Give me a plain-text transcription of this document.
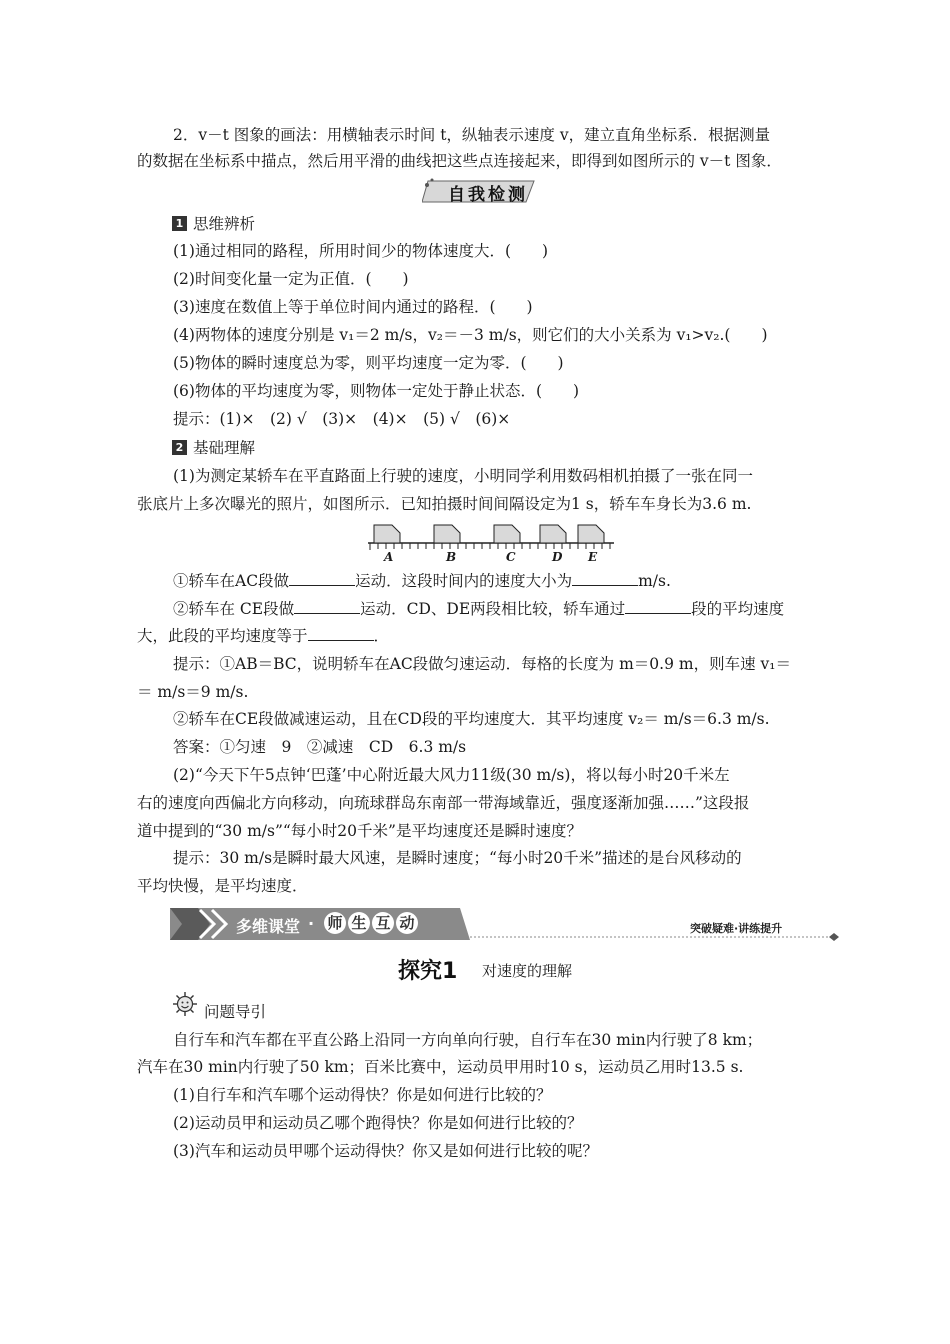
2．v－t 图象的画法：用横轴表示时间 t，纵轴表示速度 v，建立直角坐标系．根据测量
的数据在坐标系中描点，然后用平滑的曲线把这些点连接起来，即得到如图所示的 v－t 图象．
自我检测
1 思维辨析
(1)通过相同的路程，所用时间少的物体速度大．(　　)
(2)时间变化量一定为正值．(　　)
(3)速度在数值上等于单位时间内通过的路程．(　　)
(4)两物体的速度分别是 v₁＝2 m/s，v₂＝－3 m/s，则它们的大小关系为 v₁>v₂.(　　)
(5)物体的瞬时速度总为零，则平均速度一定为零．(　　)
(6)物体的平均速度为零，则物体一定处于静止状态．(　　)
提示：(1)×　(2) √　(3)×　(4)×　(5) √　(6)×
2 基础理解
(1)为测定某轿车在平直路面上行驶的速度，小明同学利用数码相机拍摄了一张在同一
张底片上多次曝光的照片，如图所示．已知拍摄时间间隔设定为1 s，轿车车身长为3.6 m.
A	B	C	D E
①轿车在AC段做	运动．这段时间内的速度大小为	m/s.
②轿车在 CE段做	运动．CD、DE两段相比较，轿车通过	段的平均速度
大，此段的平均速度等于	．
提示：①AB＝BC，说明轿车在AC段做匀速运动．每格的长度为 m＝0.9 m，则车速 v₁＝
＝ m/s＝9 m/s.
②轿车在CE段做减速运动，且在CD段的平均速度大．其平均速度 v₂＝ m/s＝6.3 m/s.
答案：①匀速　9　②减速　CD　6.3 m/s
(2)“今天下午5点钟‘巴蓬’中心附近最大风力11级(30 m/s)，将以每小时20千米左
右的速度向西偏北方向移动，向琉球群岛东南部一带海域靠近，强度逐渐加强……”这段报
道中提到的“30 m/s”“每小时20千米”是平均速度还是瞬时速度？
提示：30 m/s是瞬时最大风速，是瞬时速度；“每小时20千米”描述的是台风移动的
平均快慢，是平均速度．
多维课堂 · 师 生 互 动	突破疑难·讲练提升
探究1 对速度的理解
问题导引
自行车和汽车都在平直公路上沿同一方向单向行驶，自行车在30 min内行驶了8 km；
汽车在30 min内行驶了50 km；百米比赛中，运动员甲用时10 s，运动员乙用时13.5 s.
(1)自行车和汽车哪个运动得快？你是如何进行比较的？
(2)运动员甲和运动员乙哪个跑得快？你是如何进行比较的？
(3)汽车和运动员甲哪个运动得快？你又是如何进行比较的呢？
